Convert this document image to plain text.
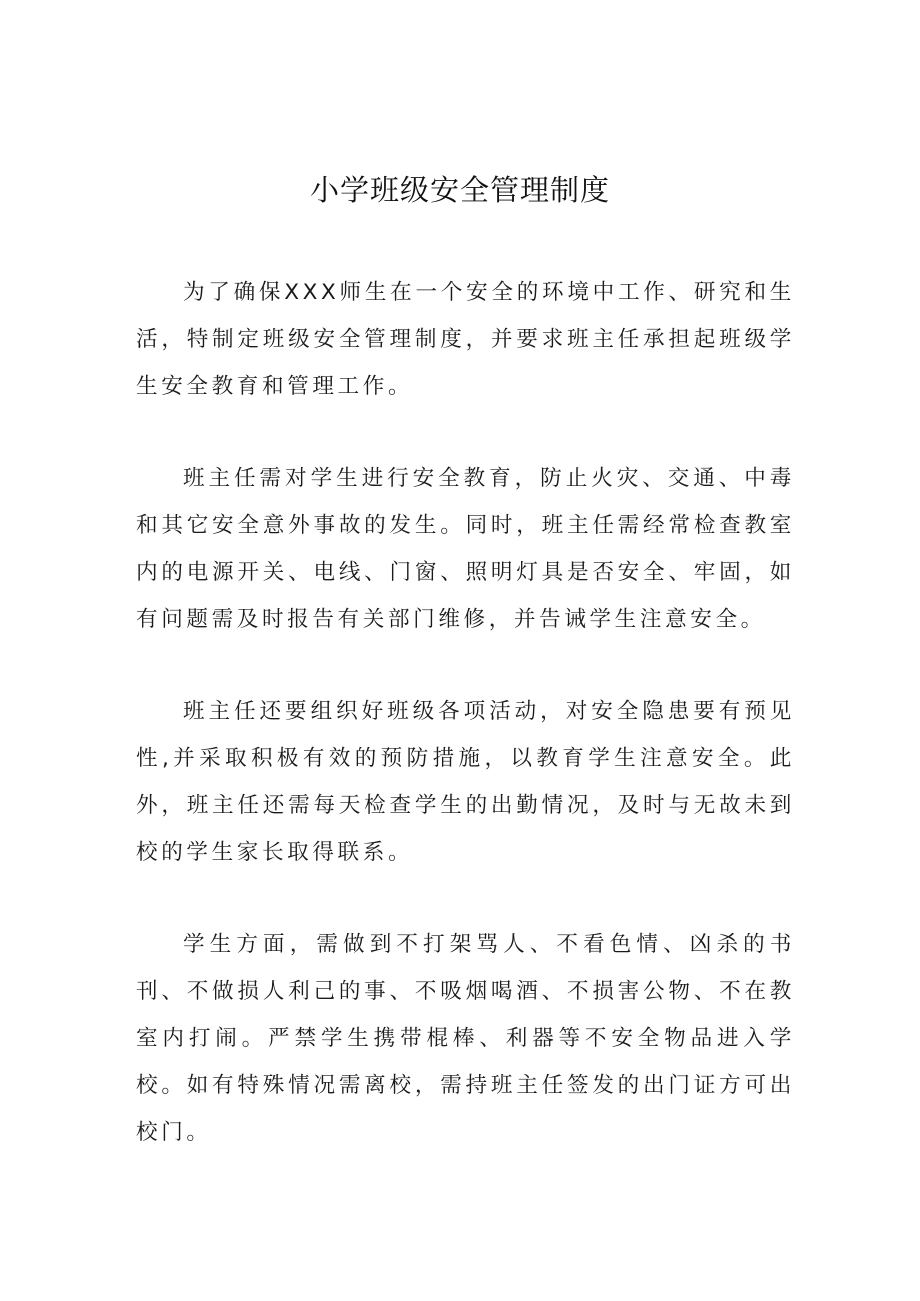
小学班级安全管理制度

为了确保XXX师生在一个安全的环境中工作、研究和生活，特制定班级安全管理制度，并要求班主任承担起班级学生安全教育和管理工作。

班主任需对学生进行安全教育，防止火灾、交通、中毒和其它安全意外事故的发生。同时，班主任需经常检查教室内的电源开关、电线、门窗、照明灯具是否安全、牢固，如有问题需及时报告有关部门维修，并告诫学生注意安全。

班主任还要组织好班级各项活动，对安全隐患要有预见性,并采取积极有效的预防措施，以教育学生注意安全。此外，班主任还需每天检查学生的出勤情况，及时与无故未到校的学生家长取得联系。

学生方面，需做到不打架骂人、不看色情、凶杀的书刊、不做损人利己的事、不吸烟喝酒、不损害公物、不在教室内打闹。严禁学生携带棍棒、利器等不安全物品进入学校。如有特殊情况需离校，需持班主任签发的出门证方可出校门。
